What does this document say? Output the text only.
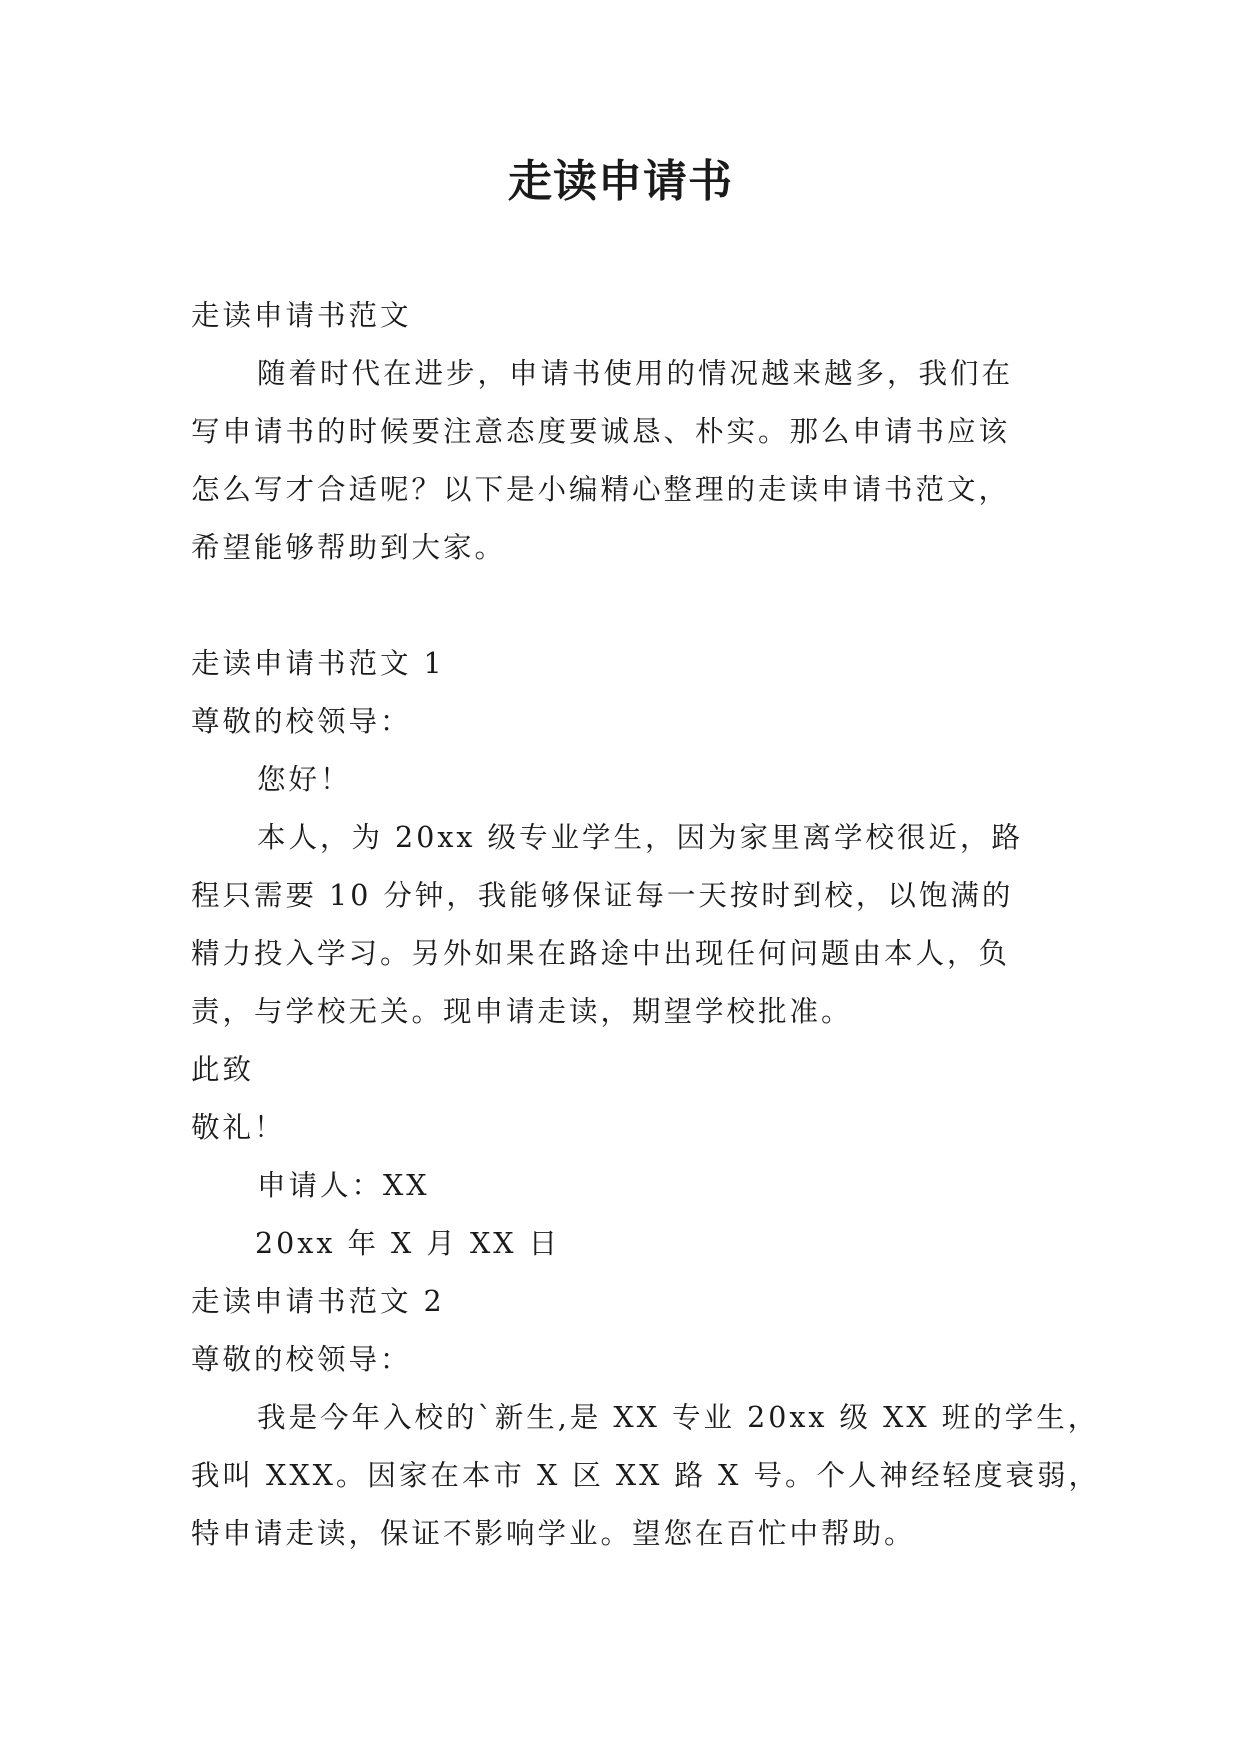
走读申请书
走读申请书范文
随着时代在进步，申请书使用的情况越来越多，我们在
写申请书的时候要注意态度要诚恳、朴实。那么申请书应该
怎么写才合适呢？以下是小编精心整理的走读申请书范文，
希望能够帮助到大家。
走读申请书范文 1
尊敬的校领导：
您好！
本人，为 20xx 级专业学生，因为家里离学校很近，路
程只需要 10 分钟，我能够保证每一天按时到校，以饱满的
精力投入学习。另外如果在路途中出现任何问题由本人，负
责，与学校无关。现申请走读，期望学校批准。
此致
敬礼！
申请人：XX
20xx 年 X 月 XX 日
走读申请书范文 2
尊敬的校领导：
我是今年入校的`新生,是 XX 专业 20xx 级 XX 班的学生，
我叫 XXX。因家在本市 X 区 XX 路 X 号。个人神经轻度衰弱，
特申请走读，保证不影响学业。望您在百忙中帮助。
